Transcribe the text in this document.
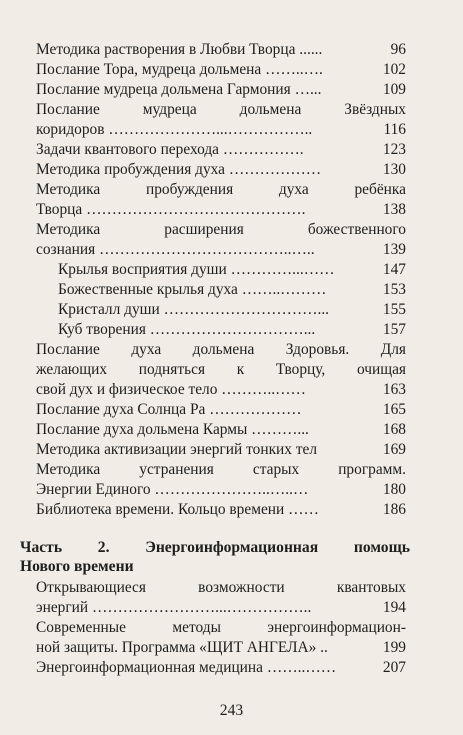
Методика растворения в Любви Творца ......	96
Послание Тора, мудреца дольмена ……..….	102
Послание мудреца дольмена Гармония …...	109
Послание мудреца дольмена Звёздных
коридоров …………………...……………..	116
Задачи квантового перехода …………….	123
Методика пробуждения духа ………………	130
Методика пробуждения духа ребёнка
Творца …………………………………….	138
Методика расширения божественного
сознания ………………………………..…..	139
Крылья восприятия души …………...……	147
Божественные крылья духа ……..………	153
Кристалл души …………………………...	155
Куб творения …………………………...	157
Послание духа дольмена Здоровья. Для
желающих подняться к Творцу, очищая
свой дух и физическое тело ………..……	163
Послание духа Солнца Ра ………………	165
Послание духа дольмена Кармы ………...	168
Методика активизации энергий тонких тел	169
Методика устранения старых программ.
Энергии Единого …………………..…..…	180
Библиотека времени. Кольцо времени ……	186
Часть 2. Энергоинформационная помощь
Нового времени
Открывающиеся возможности квантовых
энергий ……………………...……………..	194
Современные методы энергоинформацион-
ной защиты. Программа «ЩИТ АНГЕЛА» ..	199
Энергоинформационная медицина ……..……	207
243
